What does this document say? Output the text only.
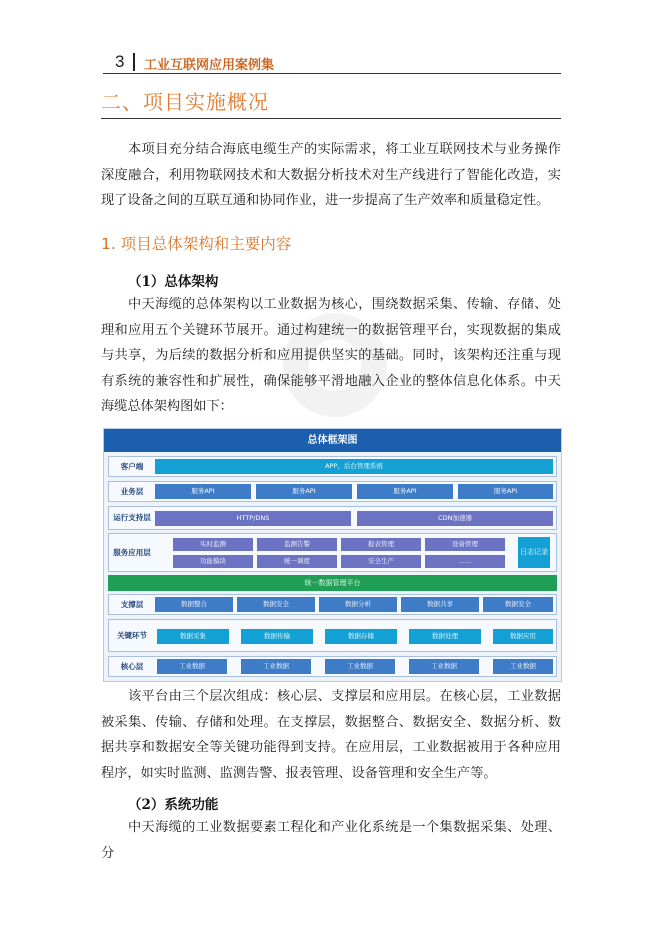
3 工业互联网应用案例集
二、项目实施概况
本项目充分结合海底电缆生产的实际需求，将工业互联网技术与业务操作深度融合，利用物联网技术和大数据分析技术对生产线进行了智能化改造，实现了设备之间的互联互通和协同作业，进一步提高了生产效率和质量稳定性。
1. 项目总体架构和主要内容
（1）总体架构
中天海缆的总体架构以工业数据为核心，围绕数据采集、传输、存储、处理和应用五个关键环节展开。通过构建统一的数据管理平台，实现数据的集成与共享，为后续的数据分析和应用提供坚实的基础。同时，该架构还注重与现有系统的兼容性和扩展性，确保能够平滑地融入企业的整体信息化体系。中天海缆总体架构图如下：
总体框架图
客户端	APP、后台管理系统
业务层	服务API	服务API	服务API	服务API
运行支持层	HTTP/DNS	CDN加速器
服务应用层
实时监测	监测告警	报表管理	设备管理
功能模块	统一调度	安全生产	......
日志记录
统一数据管理平台
支撑层	数据整合	数据安全	数据分析	数据共享	数据安全
关键环节	数据采集	数据传输	数据存储	数据处理	数据应用
核心层	工业数据	工业数据	工业数据	工业数据	工业数据
该平台由三个层次组成：核心层、支撑层和应用层。在核心层，工业数据被采集、传输、存储和处理。在支撑层，数据整合、数据安全、数据分析、数据共享和数据安全等关键功能得到支持。在应用层，工业数据被用于各种应用程序，如实时监测、监测告警、报表管理、设备管理和安全生产等。
（2）系统功能
中天海缆的工业数据要素工程化和产业化系统是一个集数据采集、处理、分
